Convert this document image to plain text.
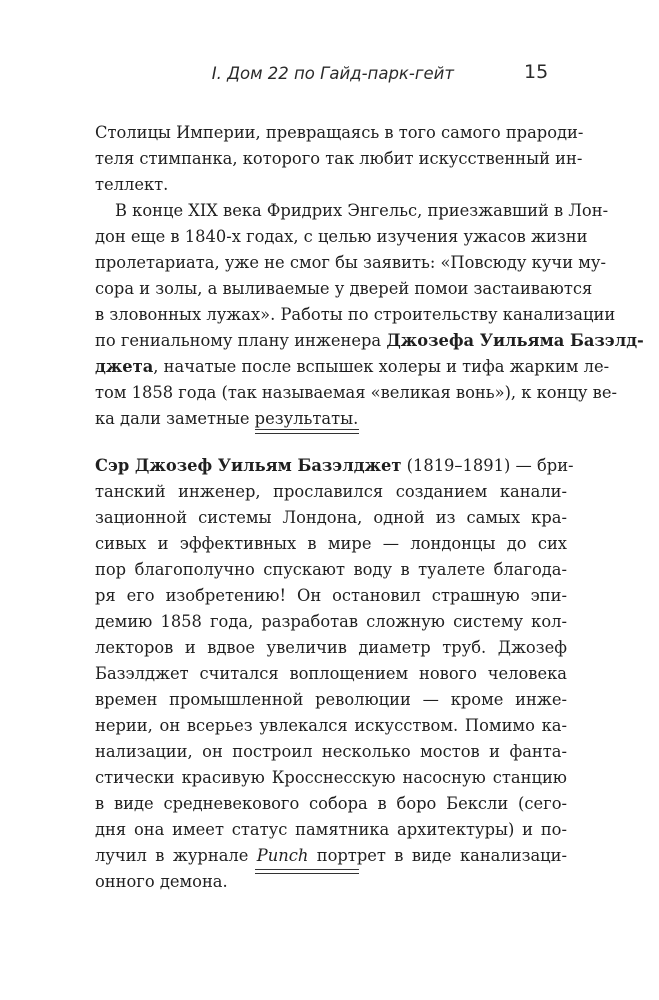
I. Дом 22 по Гайд-парк-гейт	15
Столицы Империи, превращаясь в того самого прароди-
теля стимпанка, которого так любит искусственный ин-
теллект.
В конце XIX века Фридрих Энгельс, приезжавший в Лон-
дон еще в 1840-х годах, с целью изучения ужасов жизни
пролетариата, уже не смог бы заявить: «Повсюду кучи му-
сора и золы, а выливаемые у дверей помои застаиваются
в зловонных лужах». Работы по строительству канализации
по гениальному плану инженера Джозефа Уильяма Базэлд-
джета, начатые после вспышек холеры и тифа жарким ле-
том 1858 года (так называемая «великая вонь»), к концу ве-
ка дали заметные результаты.
Сэр Джозеф Уильям Базэлджет (1819–1891) — бри-
танский инженер, прославился созданием канали-
зационной системы Лондона, одной из самых кра-
сивых и эффективных в мире — лондонцы до сих
пор благополучно спускают воду в туалете благода-
ря его изобретению! Он остановил страшную эпи-
демию 1858 года, разработав сложную систему кол-
лекторов и вдвое увеличив диаметр труб. Джозеф
Базэлджет считался воплощением нового человека
времен промышленной революции — кроме инже-
нерии, он всерьез увлекался искусством. Помимо ка-
нализации, он построил несколько мостов и фанта-
стически красивую Кросснесскую насосную станцию
в виде средневекового собора в боро Бексли (сего-
дня она имеет статус памятника архитектуры) и по-
лучил в журнале Punch портрет в виде канализаци-
онного демона.
